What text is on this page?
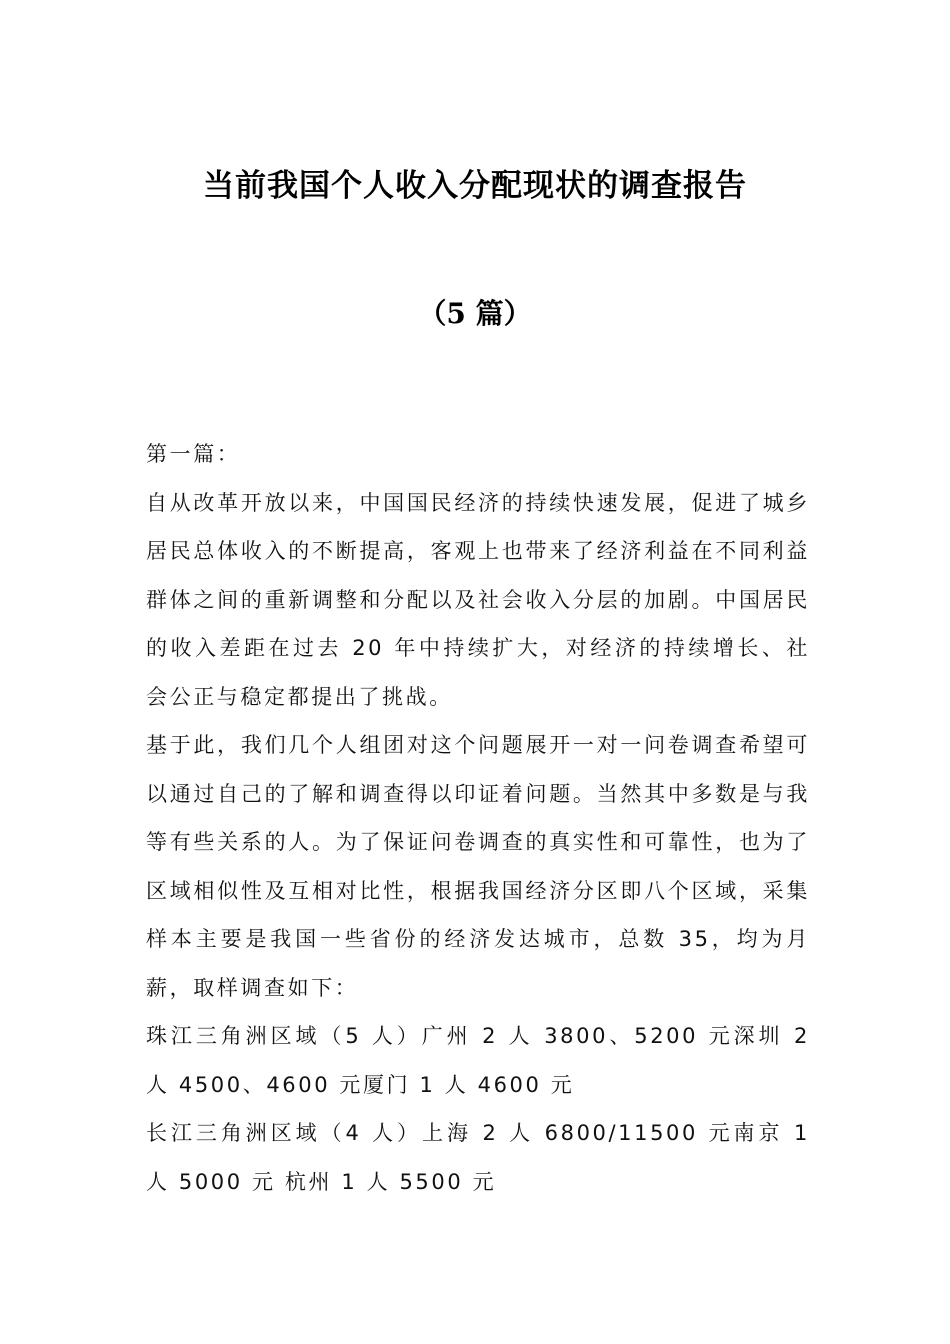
当前我国个人收入分配现状的调查报告
（5 篇）

第一篇：

自从改革开放以来，中国国民经济的持续快速发展，促进了城乡居民总体收入的不断提高，客观上也带来了经济利益在不同利益群体之间的重新调整和分配以及社会收入分层的加剧。中国居民的收入差距在过去 20 年中持续扩大，对经济的持续增长、社会公正与稳定都提出了挑战。

基于此，我们几个人组团对这个问题展开一对一问卷调查希望可以通过自己的了解和调查得以印证着问题。当然其中多数是与我等有些关系的人。为了保证问卷调查的真实性和可靠性，也为了区域相似性及互相对比性，根据我国经济分区即八个区域，采集样本主要是我国一些省份的经济发达城市，总数 35，均为月薪，取样调查如下：

珠江三角洲区域（5 人）广州 2 人 3800、5200 元深圳 2 人 4500、4600 元厦门 1 人 4600 元

长江三角洲区域（4 人）上海 2 人 6800/11500 元南京 1 人 5000 元 杭州 1 人 5500 元
